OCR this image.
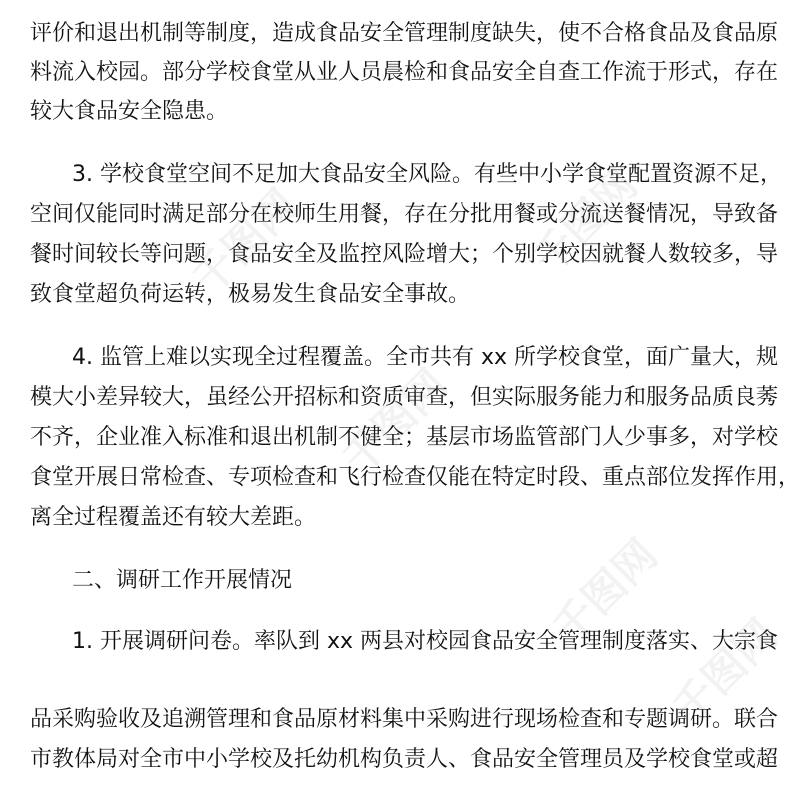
评价和退出机制等制度，造成食品安全管理制度缺失，使不合格食品及食品原
料流入校园。部分学校食堂从业人员晨检和食品安全自查工作流于形式，存在
较大食品安全隐患。
3. 学校食堂空间不足加大食品安全风险。有些中小学食堂配置资源不足，
空间仅能同时满足部分在校师生用餐，存在分批用餐或分流送餐情况，导致备
餐时间较长等问题，食品安全及监控风险增大；个别学校因就餐人数较多，导
致食堂超负荷运转，极易发生食品安全事故。
4. 监管上难以实现全过程覆盖。全市共有 xx 所学校食堂，面广量大，规
模大小差异较大，虽经公开招标和资质审查，但实际服务能力和服务品质良莠
不齐，企业准入标准和退出机制不健全；基层市场监管部门人少事多，对学校
食堂开展日常检查、专项检查和飞行检查仅能在特定时段、重点部位发挥作用，
离全过程覆盖还有较大差距。
二、调研工作开展情况
1. 开展调研问卷。率队到 xx 两县对校园食品安全管理制度落实、大宗食
品采购验收及追溯管理和食品原材料集中采购进行现场检查和专题调研。联合
市教体局对全市中小学校及托幼机构负责人、食品安全管理员及学校食堂或超
千图网	千图网
千图网
千图网
千图网
